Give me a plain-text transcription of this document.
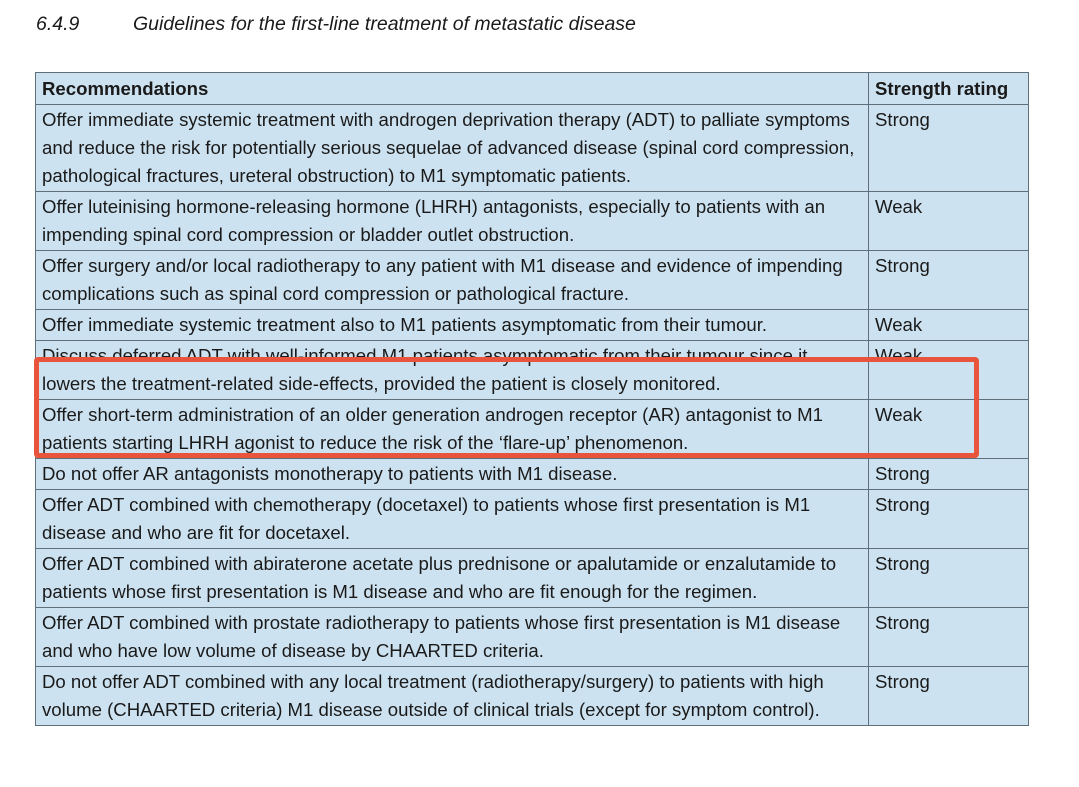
6.4.9	Guidelines for the first-line treatment of metastatic disease
Recommendations	Strength rating
Offer immediate systemic treatment with androgen deprivation therapy (ADT) to palliate symptoms and reduce the risk for potentially serious sequelae of advanced disease (spinal cord compression, pathological fractures, ureteral obstruction) to M1 symptomatic patients.	Strong
Offer luteinising hormone-releasing hormone (LHRH) antagonists, especially to patients with an impending spinal cord compression or bladder outlet obstruction.	Weak
Offer surgery and/or local radiotherapy to any patient with M1 disease and evidence of impending complications such as spinal cord compression or pathological fracture.	Strong
Offer immediate systemic treatment also to M1 patients asymptomatic from their tumour.	Weak
Discuss deferred ADT with well-informed M1 patients asymptomatic from their tumour since it lowers the treatment-related side-effects, provided the patient is closely monitored.	Weak
Offer short-term administration of an older generation androgen receptor (AR) antagonist to M1 patients starting LHRH agonist to reduce the risk of the ‘flare-up’ phenomenon.	Weak
Do not offer AR antagonists monotherapy to patients with M1 disease.	Strong
Offer ADT combined with chemotherapy (docetaxel) to patients whose first presentation is M1 disease and who are fit for docetaxel.	Strong
Offer ADT combined with abiraterone acetate plus prednisone or apalutamide or enzalutamide to patients whose first presentation is M1 disease and who are fit enough for the regimen.	Strong
Offer ADT combined with prostate radiotherapy to patients whose first presentation is M1 disease and who have low volume of disease by CHAARTED criteria.	Strong
Do not offer ADT combined with any local treatment (radiotherapy/surgery) to patients with high volume (CHAARTED criteria) M1 disease outside of clinical trials (except for symptom control).	Strong
